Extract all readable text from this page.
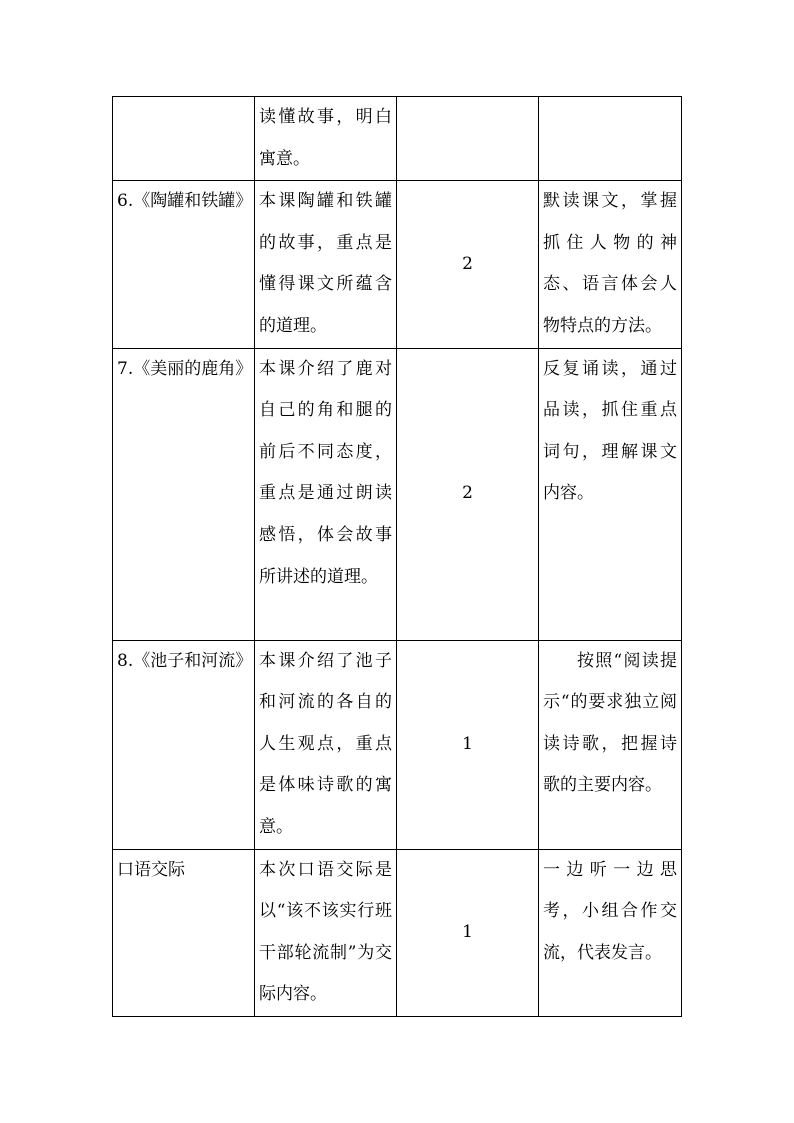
	读懂故事，明白寓意。		
6.《陶罐和铁罐》	本课陶罐和铁罐的故事，重点是懂得课文所蕴含的道理。	2	默读课文，掌握抓住人物的神态、语言体会人物特点的方法。
7.《美丽的鹿角》	本课介绍了鹿对自己的角和腿的前后不同态度，重点是通过朗读感悟，体会故事所讲述的道理。	2	反复诵读，通过品读，抓住重点词句，理解课文内容。
8.《池子和河流》	本课介绍了池子和河流的各自的人生观点，重点是体味诗歌的寓意。	1	按照“阅读提示“的要求独立阅读诗歌，把握诗歌的主要内容。
口语交际	本次口语交际是以“该不该实行班干部轮流制”为交际内容。	1	一边听一边思考，小组合作交流，代表发言。
